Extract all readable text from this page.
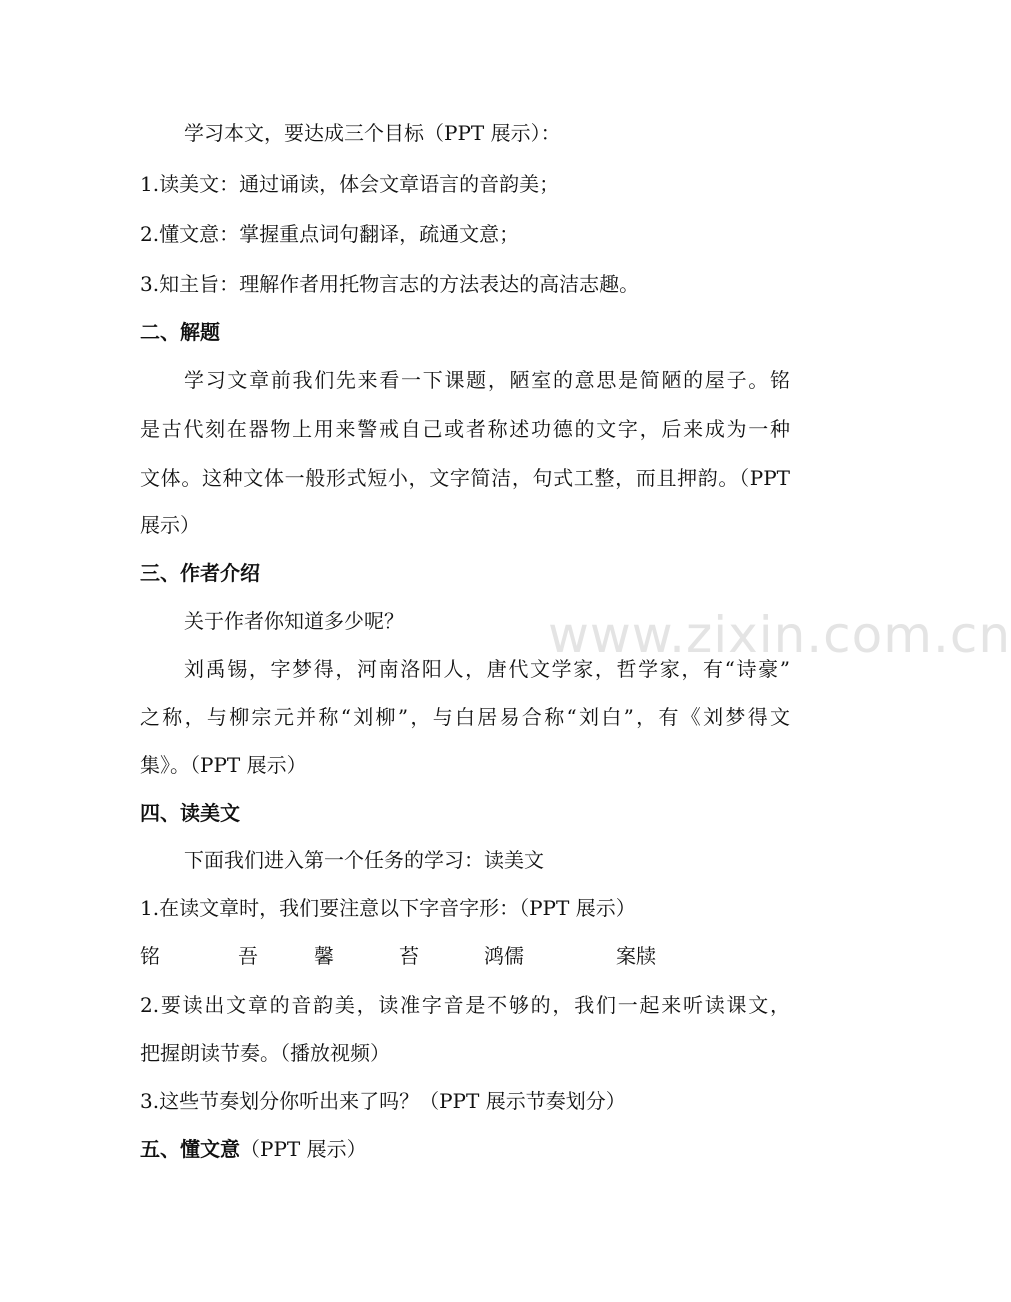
www.zixin.com.cn
学习本文，要达成三个目标（PPT 展示）：
1.读美文：通过诵读，体会文章语言的音韵美；
2.懂文意：掌握重点词句翻译，疏通文意；
3.知主旨：理解作者用托物言志的方法表达的高洁志趣。
二、解题
学习文章前我们先来看一下课题，陋室的意思是简陋的屋子。铭
是古代刻在器物上用来警戒自己或者称述功德的文字，后来成为一种
文体。这种文体一般形式短小，文字简洁，句式工整，而且押韵。（PPT
展示）
三、作者介绍
关于作者你知道多少呢？
刘禹锡，字梦得，河南洛阳人，唐代文学家，哲学家，有“诗豪”
之称，与柳宗元并称“刘柳”，与白居易合称“刘白”，有《刘梦得文
集》。（PPT 展示）
四、读美文
下面我们进入第一个任务的学习：读美文
1.在读文章时，我们要注意以下字音字形：（PPT 展示）
铭	吾	馨	苔	鸿儒	案牍
2.要读出文章的音韵美，读准字音是不够的，我们一起来听读课文，
把握朗读节奏。（播放视频）
3.这些节奏划分你听出来了吗？（PPT 展示节奏划分）
五、懂文意（PPT 展示）
